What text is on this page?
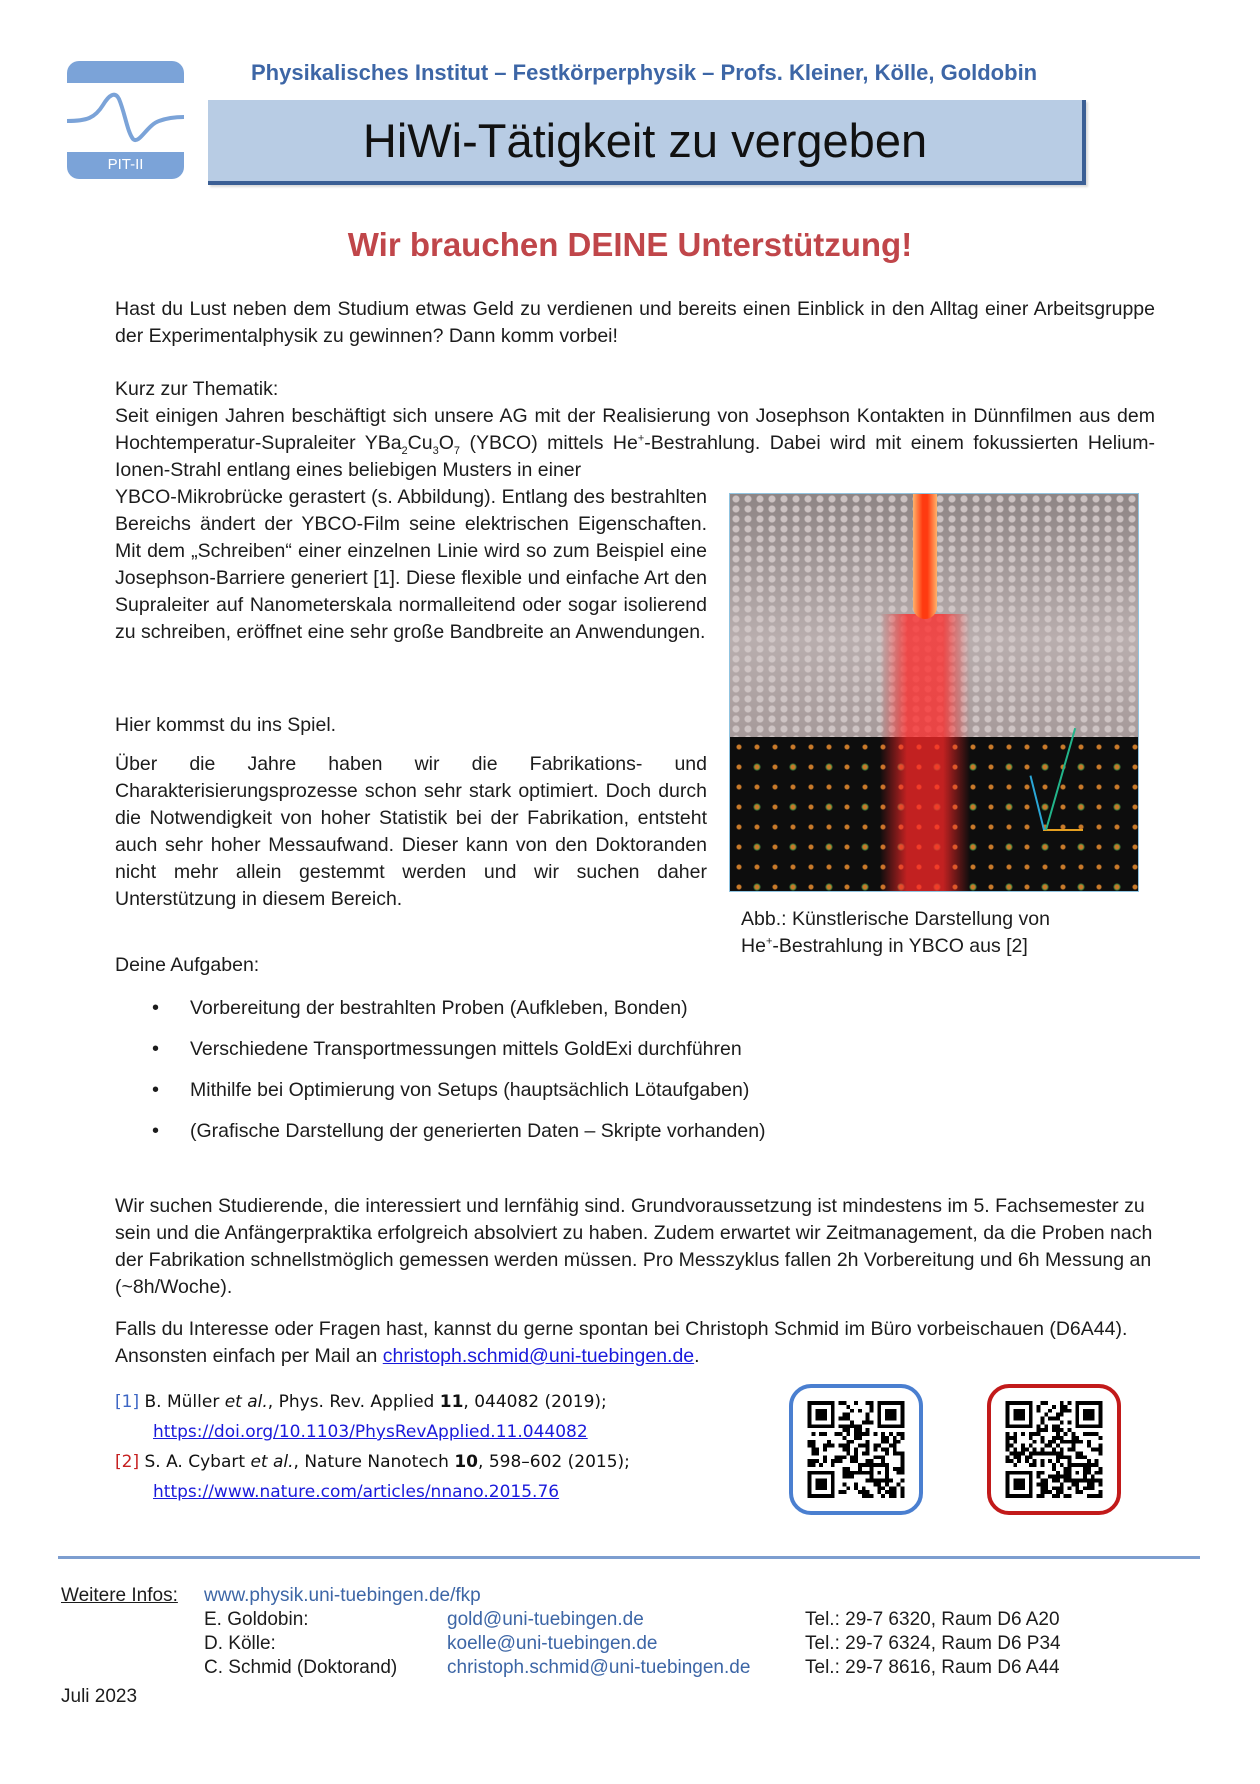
PIT-II
Physikalisches Institut – Festkörperphysik – Profs. Kleiner, Kölle, Goldobin
HiWi-Tätigkeit zu vergeben
Wir brauchen DEINE Unterstützung!
Hast du Lust neben dem Studium etwas Geld zu verdienen und bereits einen Einblick in den Alltag einer Arbeitsgruppe der Experimentalphysik zu gewinnen? Dann komm vorbei!
Kurz zur Thematik:
Seit einigen Jahren beschäftigt sich unsere AG mit der Realisierung von Josephson Kontakten in Dünnfilmen aus dem Hochtemperatur-Supraleiter $YBa_2Cu_3O_7$ (YBCO) mittels He+-Bestrahlung. Dabei wird mit einem fokussierten Helium-Ionen-Strahl entlang eines beliebigen Musters in einer
YBCO-Mikrobrücke gerastert (s. Abbildung). Entlang des bestrahlten Bereichs ändert der YBCO-Film seine elektrischen Eigenschaften. Mit dem „Schreiben“ einer einzelnen Linie wird so zum Beispiel eine Josephson-Barriere generiert [1]. Diese flexible und einfache Art den Supraleiter auf Nanometerskala normalleitend oder sogar isolierend zu schreiben, eröffnet eine sehr große Bandbreite an Anwendungen.
Hier kommst du ins Spiel.
Über die Jahre haben wir die Fabrikations- und Charakterisierungsprozesse schon sehr stark optimiert. Doch durch die Notwendigkeit von hoher Statistik bei der Fabrikation, entsteht auch sehr hoher Messaufwand. Dieser kann von den Doktoranden nicht mehr allein gestemmt werden und wir suchen daher Unterstützung in diesem Bereich.
Abb.: Künstlerische Darstellung von
He+-Bestrahlung in YBCO aus [2]
Deine Aufgaben:
• Vorbereitung der bestrahlten Proben (Aufkleben, Bonden)
• Verschiedene Transportmessungen mittels GoldExi durchführen
• Mithilfe bei Optimierung von Setups (hauptsächlich Lötaufgaben)
• (Grafische Darstellung der generierten Daten – Skripte vorhanden)
Wir suchen Studierende, die interessiert und lernfähig sind. Grundvoraussetzung ist mindestens im 5. Fachsemester zu sein und die Anfängerpraktika erfolgreich absolviert zu haben. Zudem erwartet wir Zeitmanagement, da die Proben nach der Fabrikation schnellstmöglich gemessen werden müssen. Pro Messzyklus fallen 2h Vorbereitung und 6h Messung an (~8h/Woche).
Falls du Interesse oder Fragen hast, kannst du gerne spontan bei Christoph Schmid im Büro vorbeischauen (D6A44). Ansonsten einfach per Mail an christoph.schmid@uni-tuebingen.de.
[1] B. Müller et al., Phys. Rev. Applied 11, 044082 (2019);
https://doi.org/10.1103/PhysRevApplied.11.044082
[2] S. A. Cybart et al., Nature Nanotech 10, 598–602 (2015);
https://www.nature.com/articles/nnano.2015.76
Weitere Infos: www.physik.uni-tuebingen.de/fkp
E. Goldobin:	gold@uni-tuebingen.de	Tel.: 29-7 6320, Raum D6 A20
D. Kölle:	koelle@uni-tuebingen.de	Tel.: 29-7 6324, Raum D6 P34
C. Schmid (Doktorand)	christoph.schmid@uni-tuebingen.de	Tel.: 29-7 8616, Raum D6 A44
Juli 2023
